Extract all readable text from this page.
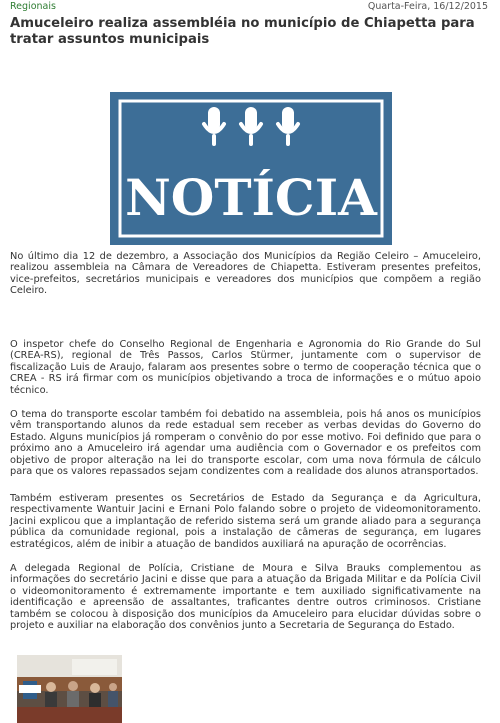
Regionais	Quarta-Feira, 16/12/2015
Amuceleiro realiza assembléia no município de Chiapetta para tratar assuntos municipais
NOTÍCIA

No último dia 12 de dezembro, a Associação dos Municípios da Região Celeiro – Amuceleiro, realizou assembleia na Câmara de Vereadores de Chiapetta. Estiveram presentes prefeitos, vice-prefeitos, secretários municipais e vereadores dos municípios que compõem a região Celeiro.

O inspetor chefe do Conselho Regional de Engenharia e Agronomia do Rio Grande do Sul (CREA-RS), regional de Três Passos, Carlos Stürmer, juntamente com o supervisor de fiscalização Luis de Araujo, falaram aos presentes sobre o termo de cooperação técnica que o CREA - RS irá firmar com os municípios objetivando a troca de informações e o mútuo apoio técnico.

O tema do transporte escolar também foi debatido na assembleia, pois há anos os municípios vêm transportando alunos da rede estadual sem receber as verbas devidas do Governo do Estado. Alguns municípios já romperam o convênio do por esse motivo. Foi definido que para o próximo ano a Amuceleiro irá agendar uma audiência com o Governador e os prefeitos com objetivo de propor alteração na lei do transporte escolar, com uma nova fórmula de cálculo para que os valores repassados sejam condizentes com a realidade dos alunos atransportados.

Também estiveram presentes os Secretários de Estado da Segurança e da Agricultura, respectivamente Wantuir Jacini e Ernani Polo falando sobre o projeto de videomonitoramento. Jacini explicou que a implantação de referido sistema será um grande aliado para a segurança pública da comunidade regional, pois a instalação de câmeras de segurança, em lugares estratégicos, além de inibir a atuação de bandidos auxiliará na apuração de ocorrências.

A delegada Regional de Polícia, Cristiane de Moura e Silva Brauks complementou as informações do secretário Jacini e disse que para a atuação da Brigada Militar e da Polícia Civil o videomonitoramento é extremamente importante e tem auxiliado significativamente na identificação e apreensão de assaltantes, traficantes dentre outros criminosos. Cristiane também se colocou à disposição dos municípios da Amuceleiro para elucidar dúvidas sobre o projeto e auxiliar na elaboração dos convênios junto a Secretaria de Segurança do Estado.
